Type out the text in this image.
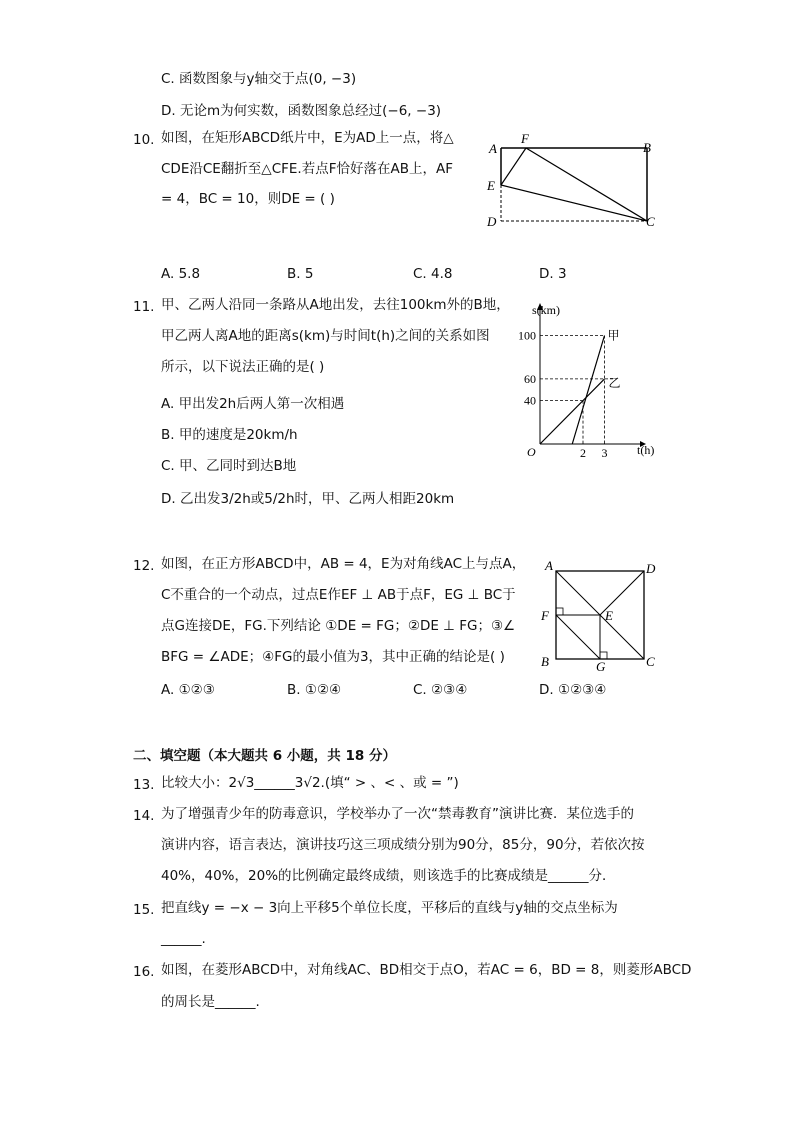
C. 函数图象与y轴交于点(0, −3)
D. 无论m为何实数，函数图象总经过(−6, −3)
10. 如图，在矩形ABCD纸片中，E为AD上一点，将△
CDE沿CE翻折至△CFE.若点F恰好落在AB上，AF
= 4，BC = 10，则DE = ( )
A
F
B
E
D	C
A. 5.8	B. 5	C. 4.8	D. 3
11. 甲、乙两人沿同一条路从A地出发，去往100km外的B地，
甲乙两人离A地的距离s(km)与时间t(h)之间的关系如图
所示，以下说法正确的是( )
A. 甲出发2h后两人第一次相遇
B. 甲的速度是20km/h
C. 甲、乙同时到达B地
D. 乙出发3/2h或5/2h时，甲、乙两人相距20km
40
60
100
2 3
s(km)
t(h)
O
甲
乙
12. 如图，在正方形ABCD中，AB = 4，E为对角线AC上与点A，
C不重合的一个动点，过点E作EF ⊥ AB于点F，EG ⊥ BC于
点G连接DE，FG.下列结论 ①DE = FG；②DE ⊥ FG；③∠
BFG = ∠ADE；④FG的最小值为3，其中正确的结论是( )
A. ①②③	B. ①②④	C. ②③④	D. ①②③④
A	D
F	E
B	G	C
二、填空题（本大题共 6 小题，共 18 分）
13. 比较大小：2√3______3√2.(填“ > 、< 、或 = ”)
14. 为了增强青少年的防毒意识，学校举办了一次“禁毒教育”演讲比赛．某位选手的
演讲内容，语言表达，演讲技巧这三项成绩分别为90分，85分，90分，若依次按
40%，40%，20%的比例确定最终成绩，则该选手的比赛成绩是______分．
15. 把直线y = −x − 3向上平移5个单位长度，平移后的直线与y轴的交点坐标为
______.
16. 如图，在菱形ABCD中，对角线AC、BD相交于点O，若AC = 6，BD = 8，则菱形ABCD
的周长是______.
